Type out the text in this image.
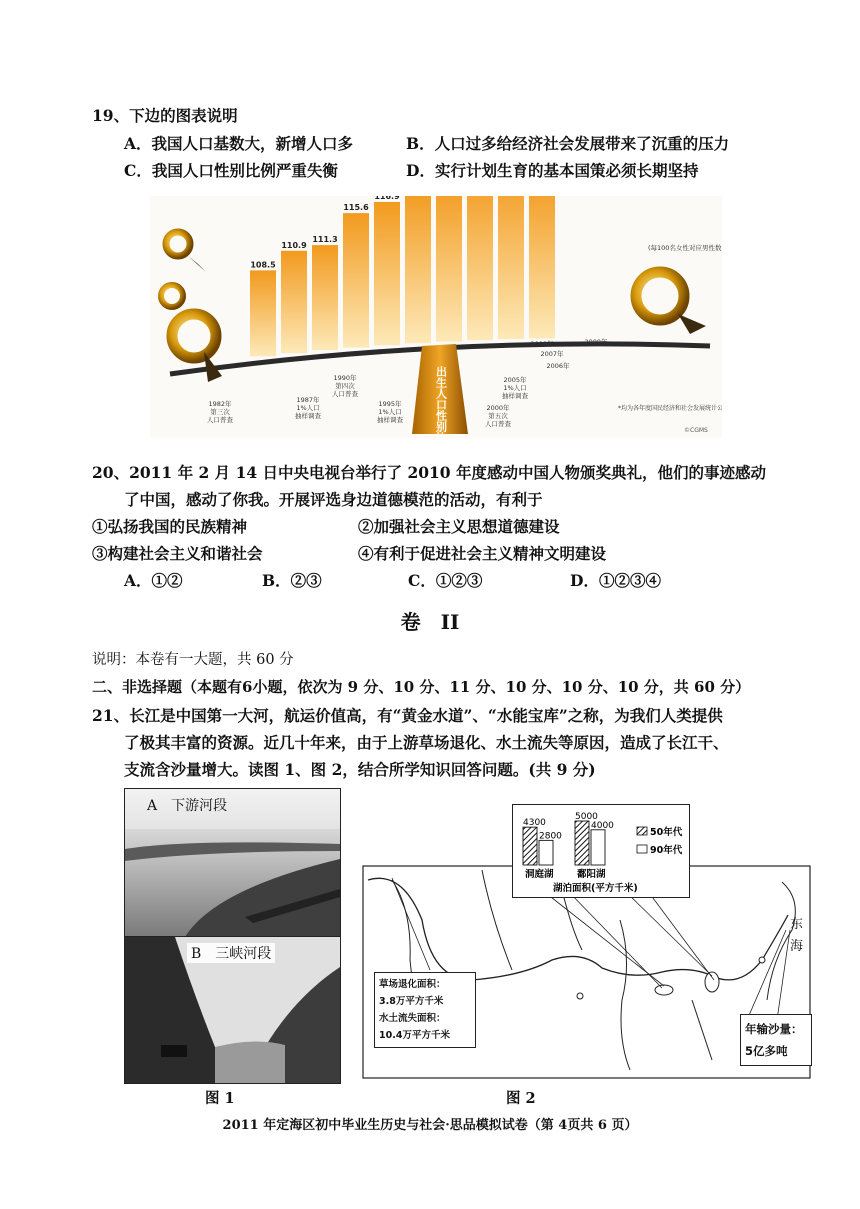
19、下边的图表说明
A．我国人口基数大，新增人口多	B．人口过多给经济社会发展带来了沉重的压力
C．我国人口性别比例严重失衡	D．实行计划生育的基本国策必须长期坚持
108.5
110.9
111.3
115.6
116.9
1982年第三次人口普查
1987年 1%人口抽样调查
1990年第四次人口普查
1995年 1%人口抽样调查
2000年第五次人口普查
2005年 1%人口抽样调查
2006年
2007年
2008年	2009年
出生人口性别比
(每100名女性对应男性数)
*均为各年度国民经济和社会发展统计公
©CGMS
20、2011 年 2 月 14 日中央电视台举行了 2010 年度感动中国人物颁奖典礼，他们的事迹感动
了中国，感动了你我。开展评选身边道德模范的活动，有利于
①弘扬我国的民族精神	②加强社会主义思想道德建设
③构建社会主义和谐社会	④有利于促进社会主义精神文明建设
A．①②	B．②③	C．①②③	D．①②③④
卷　II
说明：本卷有一大题，共 60 分
二、非选择题（本题有6小题，依次为 9 分、10 分、11 分、10 分、10 分、10 分，共 60 分）
21、长江是中国第一大河，航运价值高，有“黄金水道”、“水能宝库”之称，为我们人类提供
了极其丰富的资源。近几十年来，由于上游草场退化、水土流失等原因，造成了长江干、
支流含沙量增大。读图 1、图 2，结合所学知识回答问题。(共 9 分)
A　下游河段
B　三峡河段
图 1
4300
2800
洞庭湖
5000
4000
鄱阳湖
50年代
90年代
湖泊面积(平方千米)
草场退化面积：
3.8万平方千米
水土流失面积：
10.4万平方千米	年输沙量：
5亿多吨
东
海
图 2
2011 年定海区初中毕业生历史与社会·思品模拟试卷（第 4页共 6 页）
